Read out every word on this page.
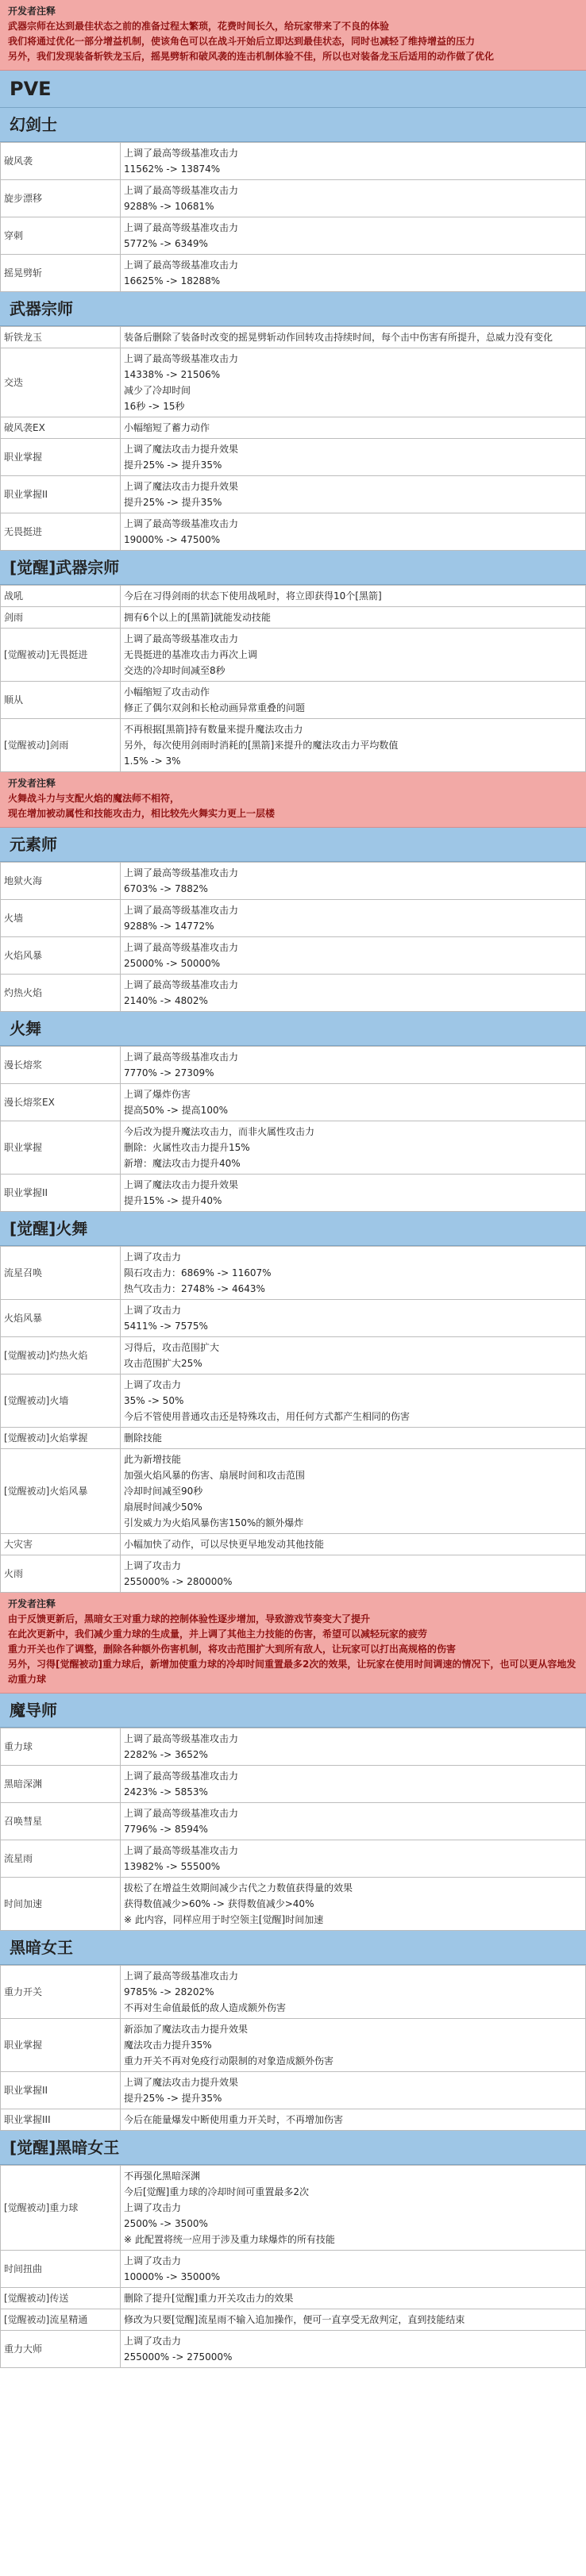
开发者注释
武器宗师在达到最佳状态之前的准备过程太繁琐，花费时间长久，给玩家带来了不良的体验
我们将通过优化一部分增益机制，使该角色可以在战斗开始后立即达到最佳状态，同时也减轻了维持增益的压力
另外，我们发现装备斩铁龙玉后，摇晃劈斩和破风袭的连击机制体验不佳，所以也对装备龙玉后适用的动作做了优化
PVE
幻剑士
破风袭	上调了最高等级基准攻击力
11562% -> 13874%

旋步漂移	上调了最高等级基准攻击力
9288% -> 10681%

穿刺	上调了最高等级基准攻击力
5772% -> 6349%

摇晃劈斩	上调了最高等级基准攻击力
16625% -> 18288%
武器宗师
斩铁龙玉	装备后删除了装备时改变的摇晃劈斩动作回转攻击持续时间，每个击中伤害有所提升，总威力没有变化

交迭	上调了最高等级基准攻击力
14338% -> 21506%
减少了冷却时间
16秒 -> 15秒

破风袭EX	小幅缩短了蓄力动作

职业掌握	上调了魔法攻击力提升效果
提升25% -> 提升35%

职业掌握II	上调了魔法攻击力提升效果
提升25% -> 提升35%

无畏挺进	上调了最高等级基准攻击力
19000% -> 47500%
[觉醒]武器宗师
战吼	今后在习得剑雨的状态下使用战吼时，将立即获得10个[黑箭]

剑雨	拥有6个以上的[黑箭]就能发动技能

[觉醒被动]无畏挺进	上调了最高等级基准攻击力
无畏挺进的基准攻击力再次上调
交迭的冷却时间减至8秒

顺从	小幅缩短了攻击动作
修正了偶尔双剑和长枪动画异常重叠的问题

[觉醒被动]剑雨	不再根据[黑箭]持有数量来提升魔法攻击力
另外，每次使用剑雨时消耗的[黑箭]来提升的魔法攻击力平均数值
1.5% -> 3%
开发者注释
火舞战斗力与支配火焰的魔法师不相符，
现在增加被动属性和技能攻击力，相比较先火舞实力更上一层楼
元素师
地狱火海	上调了最高等级基准攻击力
6703% -> 7882%

火墙	上调了最高等级基准攻击力
9288% -> 14772%

火焰风暴	上调了最高等级基准攻击力
25000% -> 50000%

灼热火焰	上调了最高等级基准攻击力
2140% -> 4802%
火舞
漫长熔浆	上调了最高等级基准攻击力
7770% -> 27309%

漫长熔浆EX	上调了爆炸伤害
提高50% -> 提高100%

职业掌握	今后改为提升魔法攻击力，而非火属性攻击力
删除：火属性攻击力提升15%
新增：魔法攻击力提升40%

职业掌握II	上调了魔法攻击力提升效果
提升15% -> 提升40%
[觉醒]火舞
流星召唤	上调了攻击力
陨石攻击力：6869% -> 11607%
热气攻击力：2748% -> 4643%

火焰风暴	上调了攻击力
5411% -> 7575%

[觉醒被动]灼热火焰	习得后，攻击范围扩大
攻击范围扩大25%

[觉醒被动]火墙	上调了攻击力
35% -> 50%
今后不管使用普通攻击还是特殊攻击，用任何方式都产生相同的伤害

[觉醒被动]火焰掌握	删除技能

[觉醒被动]火焰风暴	此为新增技能
加强火焰风暴的伤害、扇展时间和攻击范围
冷却时间减至90秒
扇展时间减少50%
引发威力为火焰风暴伤害150%的额外爆炸

大灾害	小幅加快了动作，可以尽快更早地发动其他技能

火雨	上调了攻击力
255000% -> 280000%
开发者注释
由于反馈更新后，黑暗女王对重力球的控制体验性逐步增加，导致游戏节奏变大了提升
在此次更新中，我们减少重力球的生成量，并上调了其他主力技能的伤害，希望可以减轻玩家的疲劳
重力开关也作了调整，删除各种额外伤害机制，将攻击范围扩大到所有敌人，让玩家可以打出高规格的伤害
另外，习得[觉醒被动]重力球后，新增加使重力球的冷却时间重置最多2次的效果，让玩家在使用时间调速的情况下，也可以更从容地发动重力球
魔导师
重力球	上调了最高等级基准攻击力
2282% -> 3652%

黑暗深渊	上调了最高等级基准攻击力
2423% -> 5853%

召唤彗星	上调了最高等级基准攻击力
7796% -> 8594%

流星雨	上调了最高等级基准攻击力
13982% -> 55500%

时间加速	拔松了在增益生效期间减少古代之力数值获得量的效果
获得数值减少>60% -> 获得数值减少>40%
※ 此内容，同样应用于时空领主[觉醒]时间加速
黑暗女王
重力开关	上调了最高等级基准攻击力
9785% -> 28202%
不再对生命值最低的敌人造成额外伤害

职业掌握	新添加了魔法攻击力提升效果
魔法攻击力提升35%
重力开关不再对免疫行动限制的对象造成额外伤害

职业掌握II	上调了魔法攻击力提升效果
提升25% -> 提升35%

职业掌握III	今后在能量爆发中断使用重力开关时，不再增加伤害
[觉醒]黑暗女王
[觉醒被动]重力球	不再强化黑暗深渊
今后[觉醒]重力球的冷却时间可重置最多2次
上调了攻击力
2500% -> 3500%
※ 此配置将统一应用于涉及重力球爆炸的所有技能

时间扭曲	上调了攻击力
10000% -> 35000%

[觉醒被动]传送	删除了提升[觉醒]重力开关攻击力的效果

[觉醒被动]流星精通	修改为只要[觉醒]流星雨不输入追加操作，便可一直享受无敌判定，直到技能结束

重力大师	上调了攻击力
255000% -> 275000%
